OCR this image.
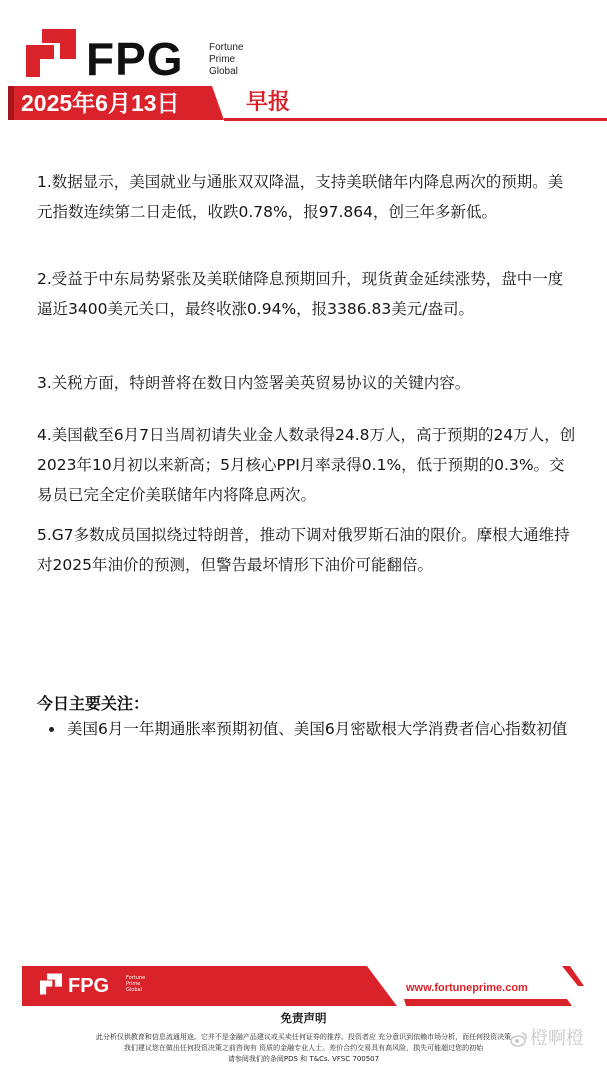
FPG	Fortune
Prime
Global
2025年6月13日	早报

1.数据显示，美国就业与通胀双双降温，支持美联储年内降息两次的预期。美元指数连续第二日走低，收跌0.78%，报97.864，创三年多新低。

2.受益于中东局势紧张及美联储降息预期回升，现货黄金延续涨势，盘中一度逼近3400美元关口，最终收涨0.94%，报3386.83美元/盎司。

3.关税方面，特朗普将在数日内签署美英贸易协议的关键内容。

4.美国截至6月7日当周初请失业金人数录得24.8万人，高于预期的24万人，创2023年10月初以来新高；5月核心PPI月率录得0.1%，低于预期的0.3%。交易员已完全定价美联储年内将降息两次。

5.G7多数成员国拟绕过特朗普，推动下调对俄罗斯石油的限价。摩根大通维持对2025年油价的预测，但警告最坏情形下油价可能翻倍。

今日主要关注：
美国6月一年期通胀率预期初值、美国6月密歇根大学消费者信心指数初值
FPG	Fortune
Prime
Global	www.fortuneprime.com
免责声明
此分析仅供教育和信息流通用途。它并不是金融产品建议或买卖任何证券的推荐。投资者应 充分意识到依赖市场分析，而任何投资决策
我们建议您在做出任何投资决策之前咨询有 资质的金融专业人士。差价合约交易具有高风险，损失可能超过您的初始
请参阅我们的条阅PDS 和 T&Cs. VFSC 700507
橙啊橙
